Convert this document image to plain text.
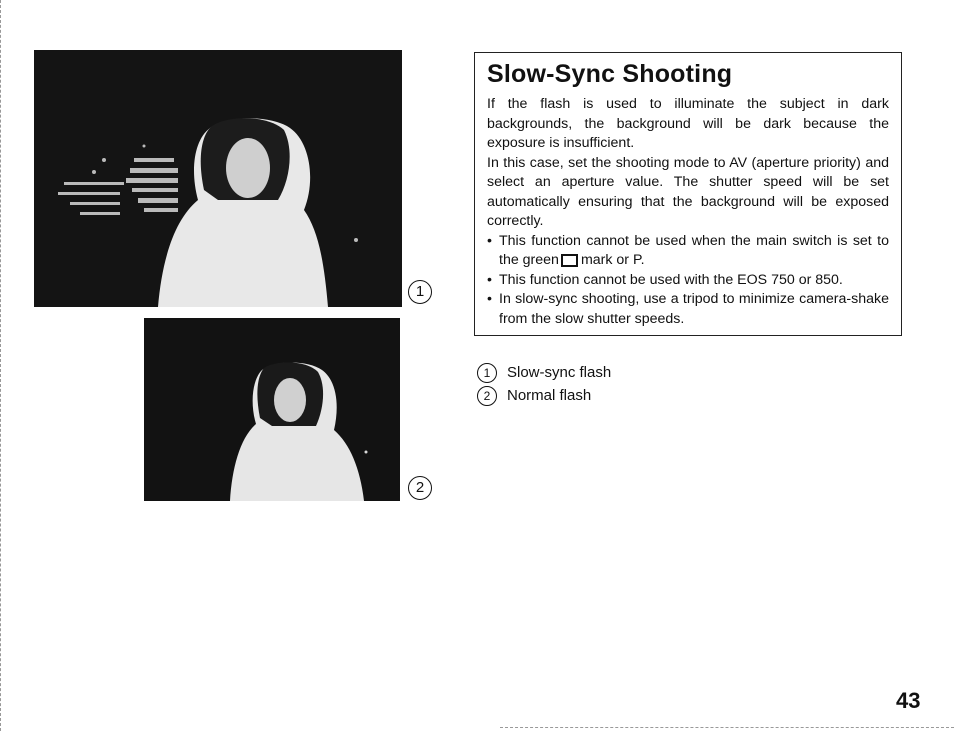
1
2
Slow-Sync Shooting

If the flash is used to illuminate the subject in dark backgrounds, the background will be dark because the exposure is insufficient.

In this case, set the shooting mode to AV (aperture priority) and select an aperture value. The shutter speed will be set automatically ensuring that the background will be exposed correctly.

• This function cannot be used when the main switch is set to the green mark or P.
• This function cannot be used with the EOS 750 or 850.
• In slow-sync shooting, use a tripod to minimize camera-shake from the slow shutter speeds.
1	Slow-sync flash
2	Normal flash
43
